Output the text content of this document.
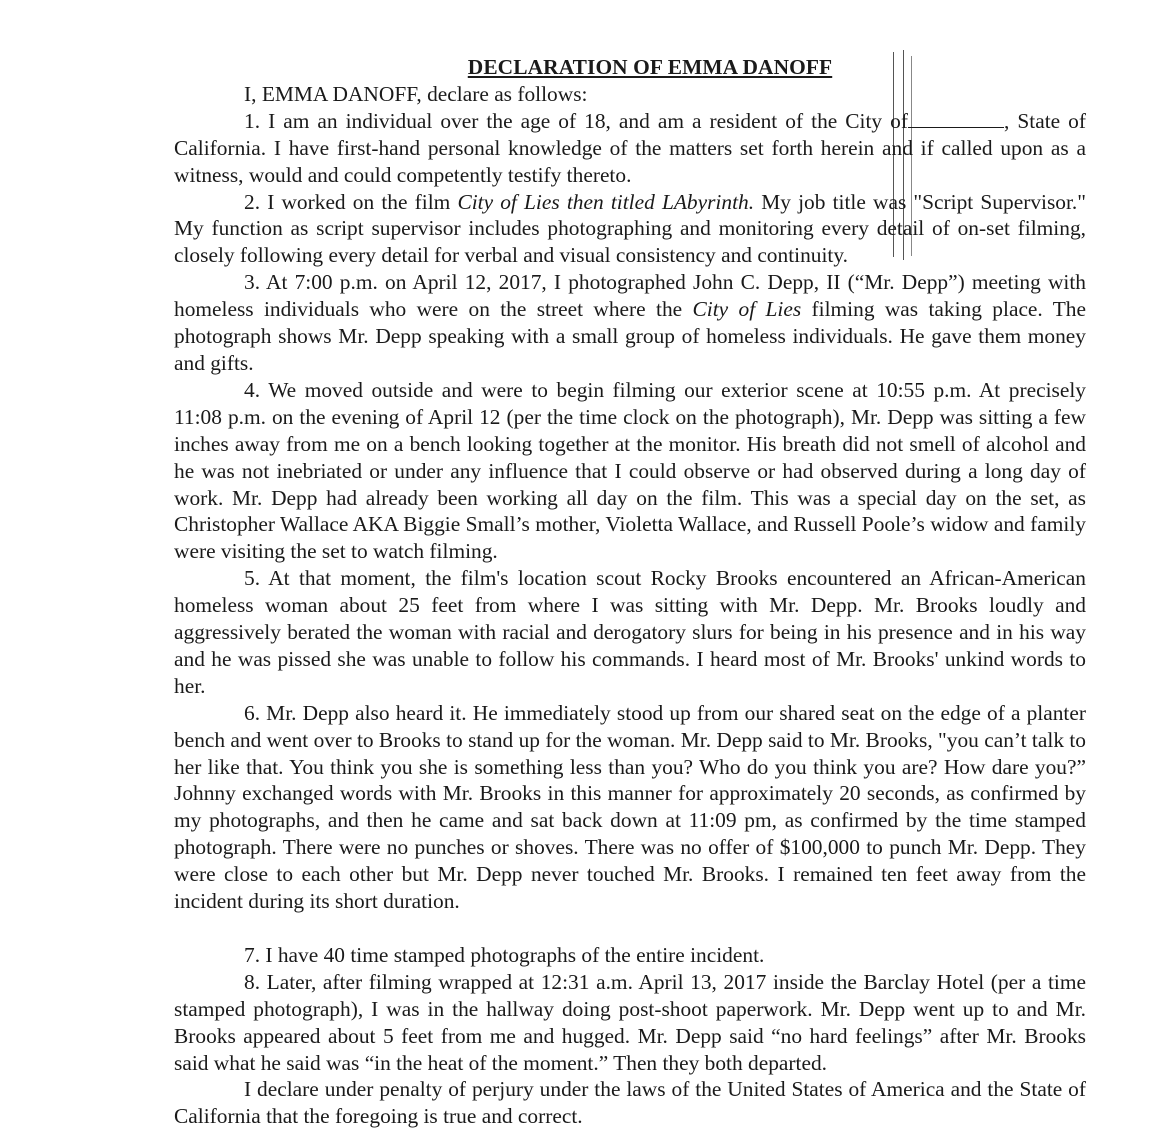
DECLARATION OF EMMA DANOFF

I, EMMA DANOFF, declare as follows:

1. I am an individual over the age of 18, and am a resident of the City of	, State of California. I have first-hand personal knowledge of the matters set forth herein and if called upon as a witness, would and could competently testify thereto.

2. I worked on the film City of Lies then titled LAbyrinth. My job title was "Script Supervisor." My function as script supervisor includes photographing and monitoring every detail of on-set filming, closely following every detail for verbal and visual consistency and continuity.

3. At 7:00 p.m. on April 12, 2017, I photographed John C. Depp, II (“Mr. Depp”) meeting with homeless individuals who were on the street where the City of Lies filming was taking place. The photograph shows Mr. Depp speaking with a small group of homeless individuals. He gave them money and gifts.

4. We moved outside and were to begin filming our exterior scene at 10:55 p.m. At precisely 11:08 p.m. on the evening of April 12 (per the time clock on the photograph), Mr. Depp was sitting a few inches away from me on a bench looking together at the monitor. His breath did not smell of alcohol and he was not inebriated or under any influence that I could observe or had observed during a long day of work. Mr. Depp had already been working all day on the film. This was a special day on the set, as Christopher Wallace AKA Biggie Small’s mother, Violetta Wallace, and Russell Poole’s widow and family were visiting the set to watch filming.

5. At that moment, the film's location scout Rocky Brooks encountered an African-American homeless woman about 25 feet from where I was sitting with Mr. Depp. Mr. Brooks loudly and aggressively berated the woman with racial and derogatory slurs for being in his presence and in his way and he was pissed she was unable to follow his commands. I heard most of Mr. Brooks' unkind words to her.

6. Mr. Depp also heard it. He immediately stood up from our shared seat on the edge of a planter bench and went over to Brooks to stand up for the woman. Mr. Depp said to Mr. Brooks, "you can’t talk to her like that. You think you she is something less than you? Who do you think you are? How dare you?” Johnny exchanged words with Mr. Brooks in this manner for approximately 20 seconds, as confirmed by my photographs, and then he came and sat back down at 11:09 pm, as confirmed by the time stamped photograph. There were no punches or shoves. There was no offer of $100,000 to punch Mr. Depp. They were close to each other but Mr. Depp never touched Mr. Brooks. I remained ten feet away from the incident during its short duration.

7. I have 40 time stamped photographs of the entire incident.

8. Later, after filming wrapped at 12:31 a.m. April 13, 2017 inside the Barclay Hotel (per a time stamped photograph), I was in the hallway doing post-shoot paperwork. Mr. Depp went up to and Mr. Brooks appeared about 5 feet from me and hugged. Mr. Depp said “no hard feelings” after Mr. Brooks said what he said was “in the heat of the moment.” Then they both departed.

I declare under penalty of perjury under the laws of the United States of America and the State of California that the foregoing is true and correct.
